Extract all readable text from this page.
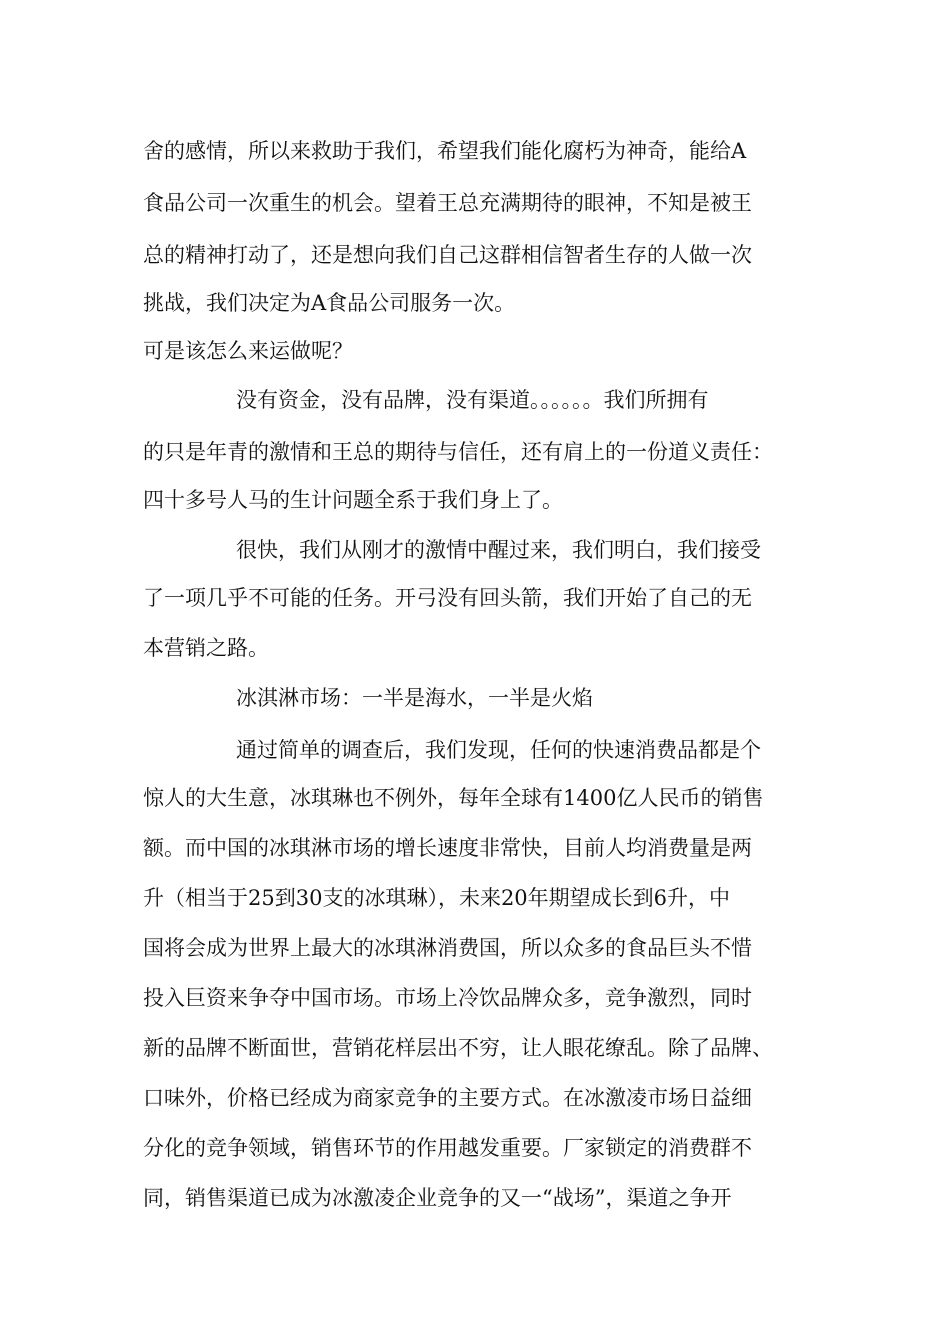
舍的感情，所以来救助于我们，希望我们能化腐朽为神奇，能给A
食品公司一次重生的机会。望着王总充满期待的眼神，不知是被王
总的精神打动了，还是想向我们自己这群相信智者生存的人做一次
挑战，我们决定为A食品公司服务一次。
可是该怎么来运做呢？
没有资金，没有品牌，没有渠道。。。。。。我们所拥有
的只是年青的激情和王总的期待与信任，还有肩上的一份道义责任：
四十多号人马的生计问题全系于我们身上了。
很快，我们从刚才的激情中醒过来，我们明白，我们接受
了一项几乎不可能的任务。开弓没有回头箭，我们开始了自己的无
本营销之路。
冰淇淋市场：一半是海水，一半是火焰
通过简单的调查后，我们发现，任何的快速消费品都是个
惊人的大生意，冰琪琳也不例外，每年全球有1400亿人民币的销售
额。而中国的冰琪淋市场的增长速度非常快，目前人均消费量是两
升（相当于25到30支的冰琪琳），未来20年期望成长到6升，中
国将会成为世界上最大的冰琪淋消费国，所以众多的食品巨头不惜
投入巨资来争夺中国市场。市场上冷饮品牌众多，竞争激烈，同时
新的品牌不断面世，营销花样层出不穷，让人眼花缭乱。除了品牌、
口味外，价格已经成为商家竞争的主要方式。在冰激凌市场日益细
分化的竞争领域，销售环节的作用越发重要。厂家锁定的消费群不
同，销售渠道已成为冰激凌企业竞争的又一“战场”，渠道之争开
